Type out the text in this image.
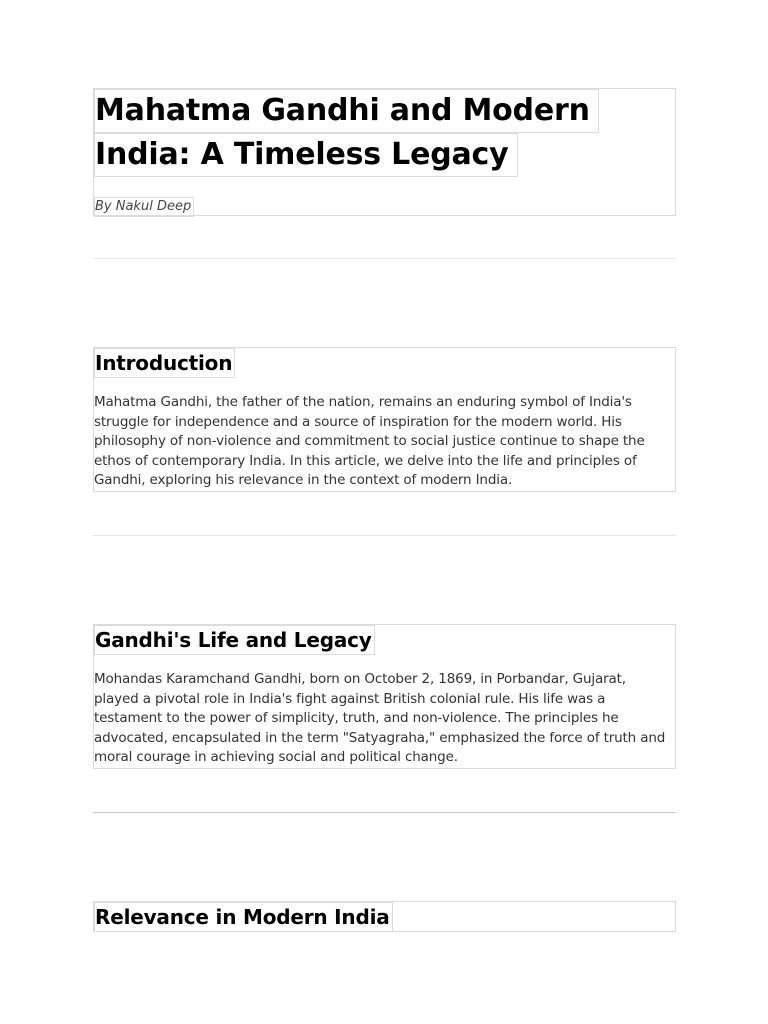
Mahatma Gandhi and Modern
India: A Timeless Legacy
By Nakul Deep
Introduction
Mahatma Gandhi, the father of the nation, remains an enduring symbol of India's
struggle for independence and a source of inspiration for the modern world. His
philosophy of non-violence and commitment to social justice continue to shape the
ethos of contemporary India. In this article, we delve into the life and principles of
Gandhi, exploring his relevance in the context of modern India.
Gandhi's Life and Legacy
Mohandas Karamchand Gandhi, born on October 2, 1869, in Porbandar, Gujarat,
played a pivotal role in India's fight against British colonial rule. His life was a
testament to the power of simplicity, truth, and non-violence. The principles he
advocated, encapsulated in the term "Satyagraha," emphasized the force of truth and
moral courage in achieving social and political change.
Relevance in Modern India
